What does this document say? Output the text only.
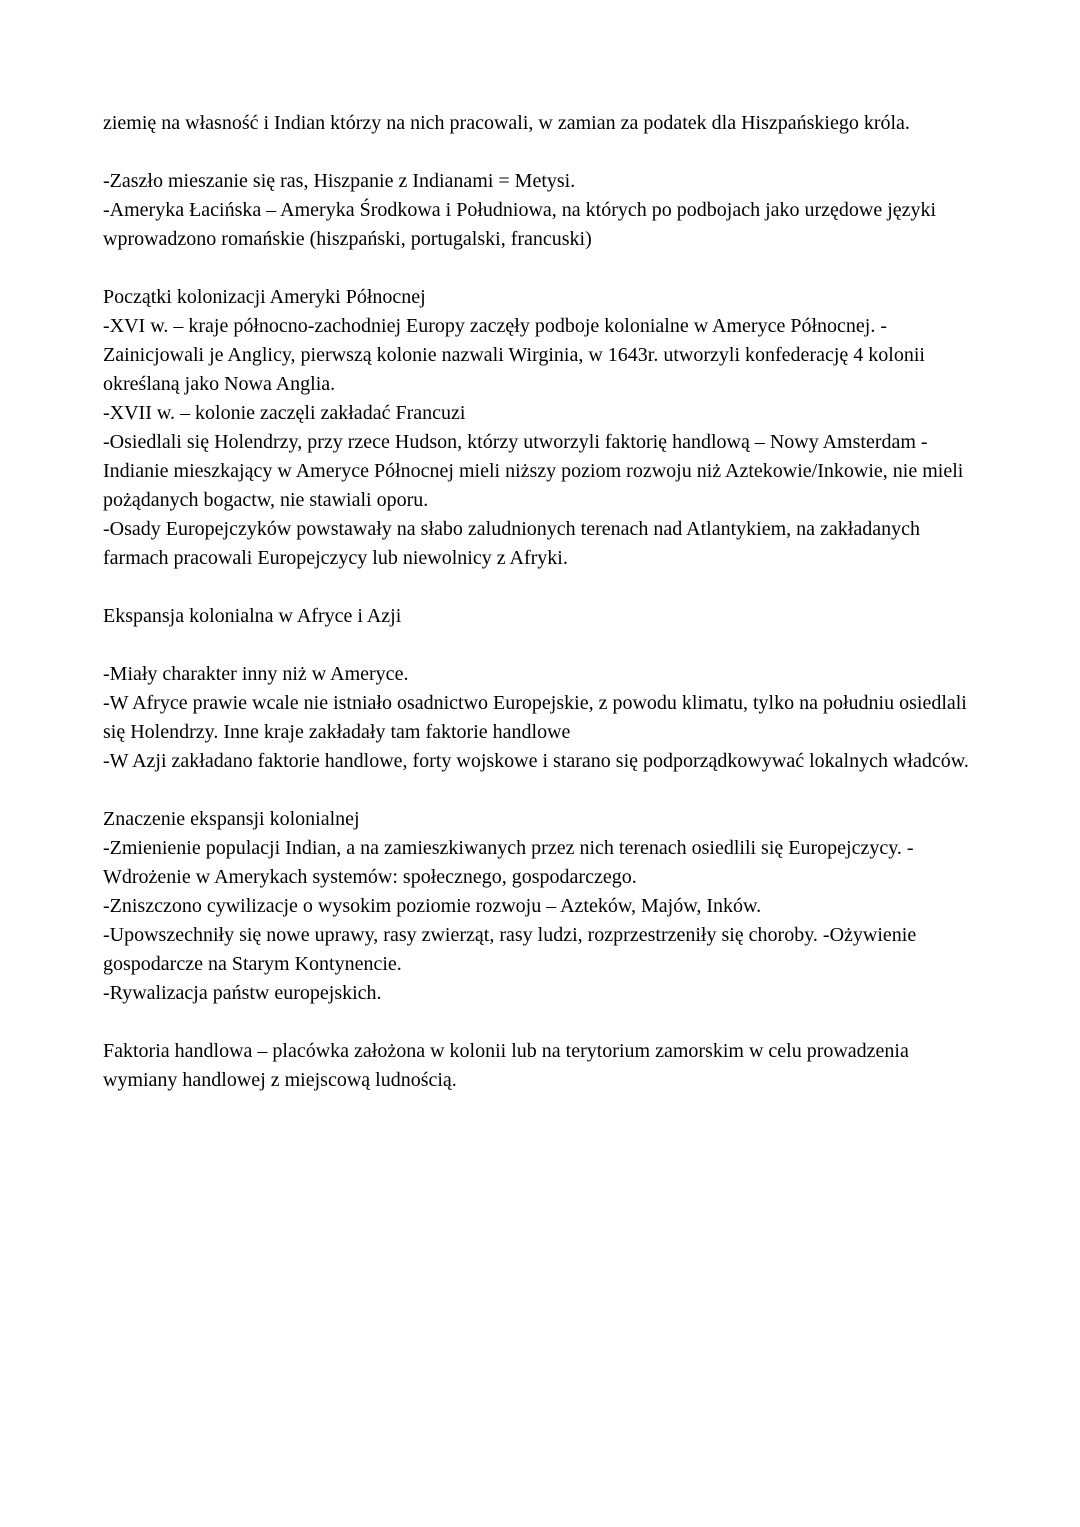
ziemię na własność i Indian którzy na nich pracowali, w zamian za podatek dla Hiszpańskiego króla.

-Zaszło mieszanie się ras, Hiszpanie z Indianami = Metysi.

-Ameryka Łacińska – Ameryka Środkowa i Południowa, na których po podbojach jako urzędowe języki wprowadzono romańskie (hiszpański, portugalski, francuski)

Początki kolonizacji Ameryki Północnej

-XVI w. – kraje północno-zachodniej Europy zaczęły podboje kolonialne w Ameryce Północnej. -Zainicjowali je Anglicy, pierwszą kolonie nazwali Wirginia, w 1643r. utworzyli konfederację 4 kolonii określaną jako Nowa Anglia.

-XVII w. – kolonie zaczęli zakładać Francuzi

-Osiedlali się Holendrzy, przy rzece Hudson, którzy utworzyli faktorię handlową – Nowy Amsterdam -Indianie mieszkający w Ameryce Północnej mieli niższy poziom rozwoju niż Aztekowie/Inkowie, nie mieli pożądanych bogactw, nie stawiali oporu.

-Osady Europejczyków powstawały na słabo zaludnionych terenach nad Atlantykiem, na zakładanych farmach pracowali Europejczycy lub niewolnicy z Afryki.

Ekspansja kolonialna w Afryce i Azji

-Miały charakter inny niż w Ameryce.

-W Afryce prawie wcale nie istniało osadnictwo Europejskie, z powodu klimatu, tylko na południu osiedlali się Holendrzy. Inne kraje zakładały tam faktorie handlowe

-W Azji zakładano faktorie handlowe, forty wojskowe i starano się podporządkowywać lokalnych władców.

Znaczenie ekspansji kolonialnej

-Zmienienie populacji Indian, a na zamieszkiwanych przez nich terenach osiedlili się Europejczycy. -Wdrożenie w Amerykach systemów: społecznego, gospodarczego.

-Zniszczono cywilizacje o wysokim poziomie rozwoju – Azteków, Majów, Inków.

-Upowszechniły się nowe uprawy, rasy zwierząt, rasy ludzi, rozprzestrzeniły się choroby. -Ożywienie gospodarcze na Starym Kontynencie.

-Rywalizacja państw europejskich.

Faktoria handlowa – placówka założona w kolonii lub na terytorium zamorskim w celu prowadzenia wymiany handlowej z miejscową ludnością.
